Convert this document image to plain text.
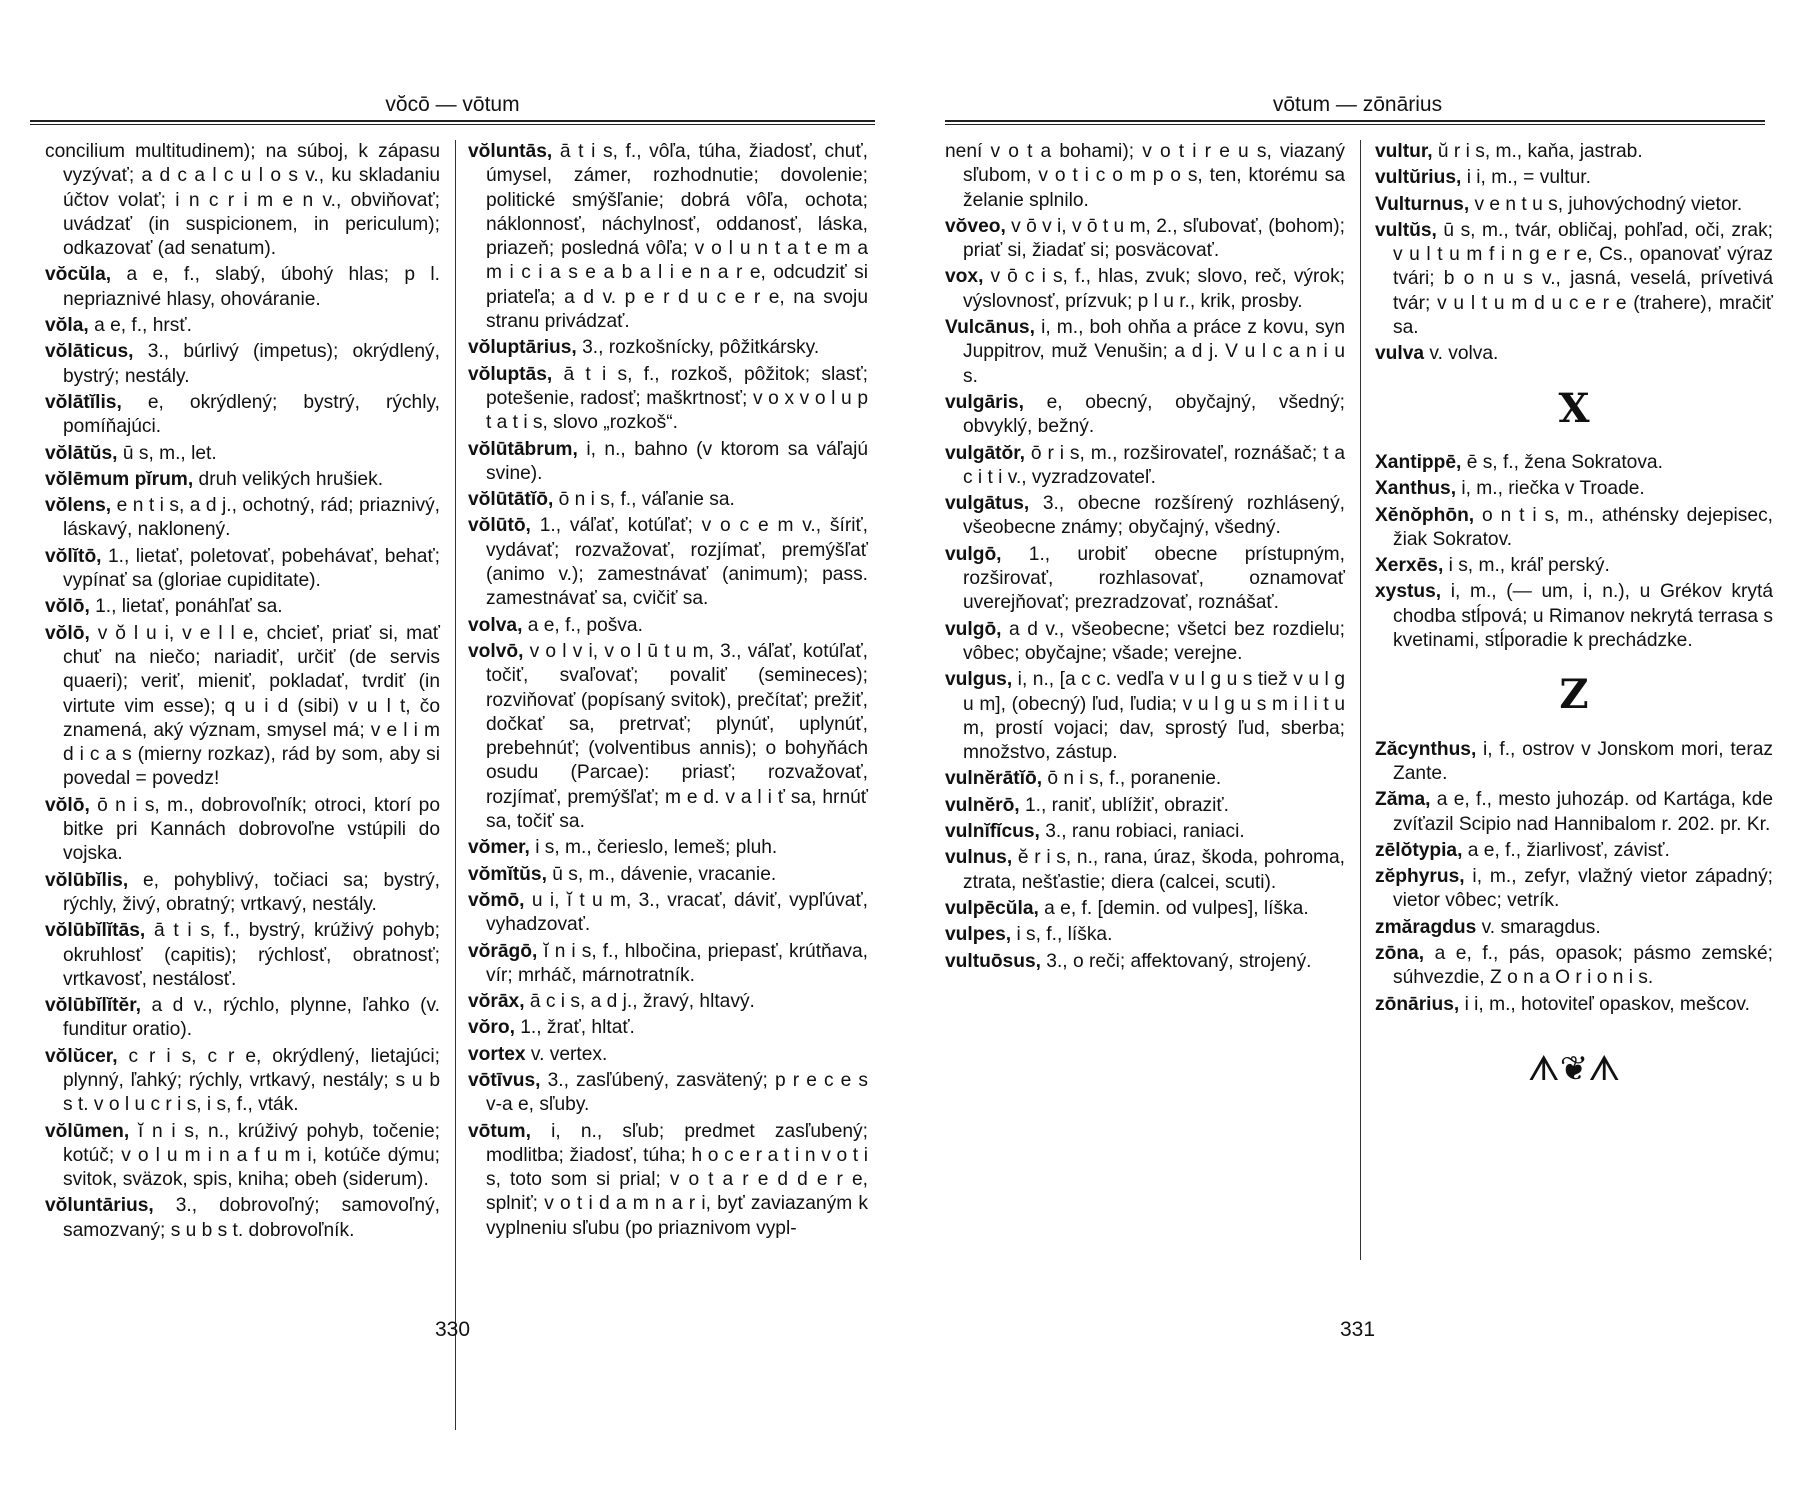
vŏcō — vōtum
concilium multitudinem); na súboj, k zápasu vyzývať; a d c a l c u l o s v., ku skladaniu účtov volať; i n c r i m e n v., obviňovať; uvádzať (in suspicionem, in periculum); odkazovať (ad senatum).
vŏcŭla, a e, f., slabý, úbohý hlas; p l. nepriaznivé hlasy, ohováranie.
vŏla, a e, f., hrsť.
vŏlāticus, 3., búrlivý (impetus); okrýdlený, bystrý; nestály.
vŏlātĭlis, e, okrýdlený; bystrý, rýchly, pomíňajúci.
vŏlātŭs, ū s, m., let.
vŏlēmum pĭrum, druh velikých hrušiek.
vŏlens, e n t i s, a d j., ochotný, rád; priaznivý, láskavý, naklonený.
vŏlĭtō, 1., lietať, poletovať, pobehávať, behať; vypínať sa (gloriae cupiditate).
vŏlō, 1., lietať, ponáhľať sa.
vŏlō, v ŏ l u i, v e l l e, chcieť, priať si, mať chuť na niečo; nariadiť, určiť (de servis quaeri); veriť, mieniť, pokladať, tvrdiť (in virtute vim esse); q u i d (sibi) v u l t, čo znamená, aký význam, smysel má; v e l i m d i c a s (mierny rozkaz), rád by som, aby si povedal = povedz!
vŏlō, ō n i s, m., dobrovoľník; otroci, ktorí po bitke pri Kannách dobrovoľne vstúpili do vojska.
vŏlūbĭlis, e, pohyblivý, točiaci sa; bystrý, rýchly, živý, obratný; vrtkavý, nestály.
vŏlūbĭlĭtās, ā t i s, f., bystrý, krúživý pohyb; okruhlosť (capitis); rýchlosť, obratnosť; vrtkavosť, nestálosť.
vŏlūbĭlĭtĕr, a d v., rýchlo, plynne, ľahko (v. funditur oratio).
vŏlŭcer, c r i s, c r e, okrýdlený, lietajúci; plynný, ľahký; rýchly, vrtkavý, nestály; s u b s t. v o l u c r i s, i s, f., vták.
vŏlūmen, ĭ n i s, n., krúživý pohyb, točenie; kotúč; v o l u m i n a f u m i, kotúče dýmu; svitok, sväzok, spis, kniha; obeh (siderum).
vŏluntārius, 3., dobrovoľný; samovoľný, samozvaný; s u b s t. dobrovoľník.
vŏluntās, ā t i s, f., vôľa, túha, žiadosť, chuť, úmysel, zámer, rozhodnutie; dovolenie; politické smýšľanie; dobrá vôľa, ochota; náklonnosť, náchylnosť, oddanosť, láska, priazeň; posledná vôľa; v o l u n t a t e m a m i c i a s e a b a l i e n a r e, odcudziť si priateľa; a d v. p e r d u c e r e, na svoju stranu privádzať.
vŏluptārius, 3., rozkošnícky, pôžitkársky.
vŏluptās, ā t i s, f., rozkoš, pôžitok; slasť; potešenie, radosť; maškrtnosť; v o x v o l u p t a t i s, slovo „rozkoš“.
vŏlūtābrum, i, n., bahno (v ktorom sa váľajú svine).
vŏlūtātĭō, ō n i s, f., váľanie sa.
vŏlūtō, 1., váľať, kotúľať; v o c e m v., šíriť, vydávať; rozvažovať, rozjímať, premýšľať (animo v.); zamestnávať (animum); pass. zamestnávať sa, cvičiť sa.
volva, a e, f., pošva.
volvō, v o l v i, v o l ū t u m, 3., váľať, kotúľať, točiť, svaľovať; povaliť (semineces); rozviňovať (popísaný svitok), prečítať; prežiť, dočkať sa, pretrvať; plynúť, uplynúť, prebehnúť; (volventibus annis); o bohyňách osudu (Parcae): priasť; rozvažovať, rozjímať, premýšľať; m e d. v a l i ť sa, hrnúť sa, točiť sa.
vŏmer, i s, m., čerieslo, lemeš; pluh.
vŏmĭtŭs, ū s, m., dávenie, vracanie.
vŏmō, u i, ĭ t u m, 3., vracať, dáviť, vypľúvať, vyhadzovať.
vŏrāgō, ĭ n i s, f., hlbočina, priepasť, krútňava, vír; mrháč, márnotratník.
vŏrāx, ā c i s, a d j., žravý, hltavý.
vŏro, 1., žrať, hltať.
vortex v. vertex.
vōtīvus, 3., zasľúbený, zasvätený; p r e c e s v-a e, sľuby.
vōtum, i, n., sľub; predmet zasľubený; modlitba; žiadosť, túha; h o c e r a t i n v o t i s, toto som si prial; v o t a r e d d e r e, splniť; v o t i d a m n a r i, byť zaviazaným k vyplneniu sľubu (po priaznivom vypl-
330
vōtum — zōnārius
není v o t a bohami); v o t i r e u s, viazaný sľubom, v o t i c o m p o s, ten, ktorému sa želanie splnilo.
vŏveo, v ō v i, v ō t u m, 2., sľubovať, (bohom); priať si, žiadať si; posväcovať.
vox, v ō c i s, f., hlas, zvuk; slovo, reč, výrok; výslovnosť, prízvuk; p l u r., krik, prosby.
Vulcānus, i, m., boh ohňa a práce z kovu, syn Juppitrov, muž Venušin; a d j. V u l c a n i u s.
vulgāris, e, obecný, obyčajný, všedný; obvyklý, bežný.
vulgātŏr, ō r i s, m., rozširovateľ, roznášač; t a c i t i v., vyzradzovateľ.
vulgātus, 3., obecne rozšírený rozhlásený, všeobecne známy; obyčajný, všedný.
vulgō, 1., urobiť obecne prístupným, rozširovať, rozhlasovať, oznamovať uverejňovať; prezradzovať, roznášať.
vulgō, a d v., všeobecne; všetci bez rozdielu; vôbec; obyčajne; všade; verejne.
vulgus, i, n., [a c c. vedľa v u l g u s tiež v u l g u m], (obecný) ľud, ľudia; v u l g u s m i l i t u m, prostí vojaci; dav, sprostý ľud, sberba; množstvo, zástup.
vulnĕrātĭō, ō n i s, f., poranenie.
vulnĕrō, 1., raniť, ublížiť, obraziť.
vulnĭfĭcus, 3., ranu robiaci, raniaci.
vulnus, ĕ r i s, n., rana, úraz, škoda, pohroma, ztrata, nešťastie; diera (calcei, scuti).
vulpēcŭla, a e, f. [demin. od vulpes], líška.
vulpes, i s, f., líška.
vultuōsus, 3., o reči; affektovaný, strojený.
vultur, ŭ r i s, m., kaňa, jastrab.
vultŭrius, i i, m., = vultur.
Vulturnus, v e n t u s, juhovýchodný vietor.
vultŭs, ū s, m., tvár, obličaj, pohľad, oči, zrak; v u l t u m f i n g e r e, Cs., opanovať výraz tvári; b o n u s v., jasná, veselá, prívetivá tvár; v u l t u m d u c e r e (trahere), mračiť sa.
vulva v. volva.
X
Xantippē, ē s, f., žena Sokratova.
Xanthus, i, m., riečka v Troade.
Xĕnŏphōn, o n t i s, m., athénsky dejepisec, žiak Sokratov.
Xerxēs, i s, m., kráľ perský.
xystus, i, m., (— um, i, n.), u Grékov krytá chodba stĺpová; u Rimanov nekrytá terrasa s kvetinami, stĺporadie k prechádzke.
Z
Zăcynthus, i, f., ostrov v Jonskom mori, teraz Zante.
Zăma, a e, f., mesto juhozáp. od Kartága, kde zvíťazil Scipio nad Hannibalom r. 202. pr. Kr.
zēlŏtypia, a e, f., žiarlivosť, závisť.
zĕphyrus, i, m., zefyr, vlažný vietor západný; vietor vôbec; vetrík.
zmăragdus v. smaragdus.
zōna, a e, f., pás, opasok; pásmo zemské; súhvezdie, Z o n a O r i o n i s.
zōnārius, i i, m., hotoviteľ opaskov, mešcov.
ᗑ❦ᗑ
331
